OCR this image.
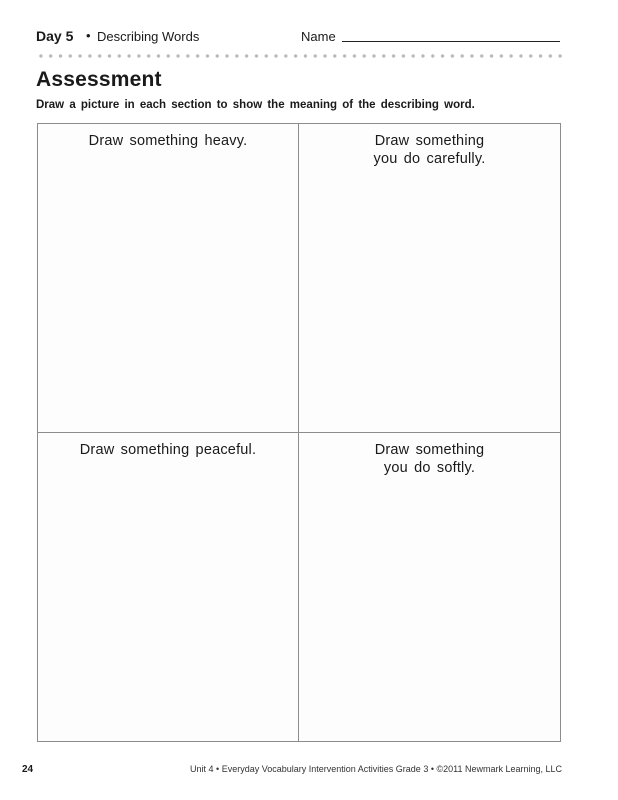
Day 5 • Describing Words	Name
Assessment
Draw a picture in each section to show the meaning of the describing word.
Draw something heavy.	Draw something
you do carefully.
Draw something peaceful.	Draw something
you do softly.
24	Unit 4 • Everyday Vocabulary Intervention Activities Grade 3 • ©2011 Newmark Learning, LLC
